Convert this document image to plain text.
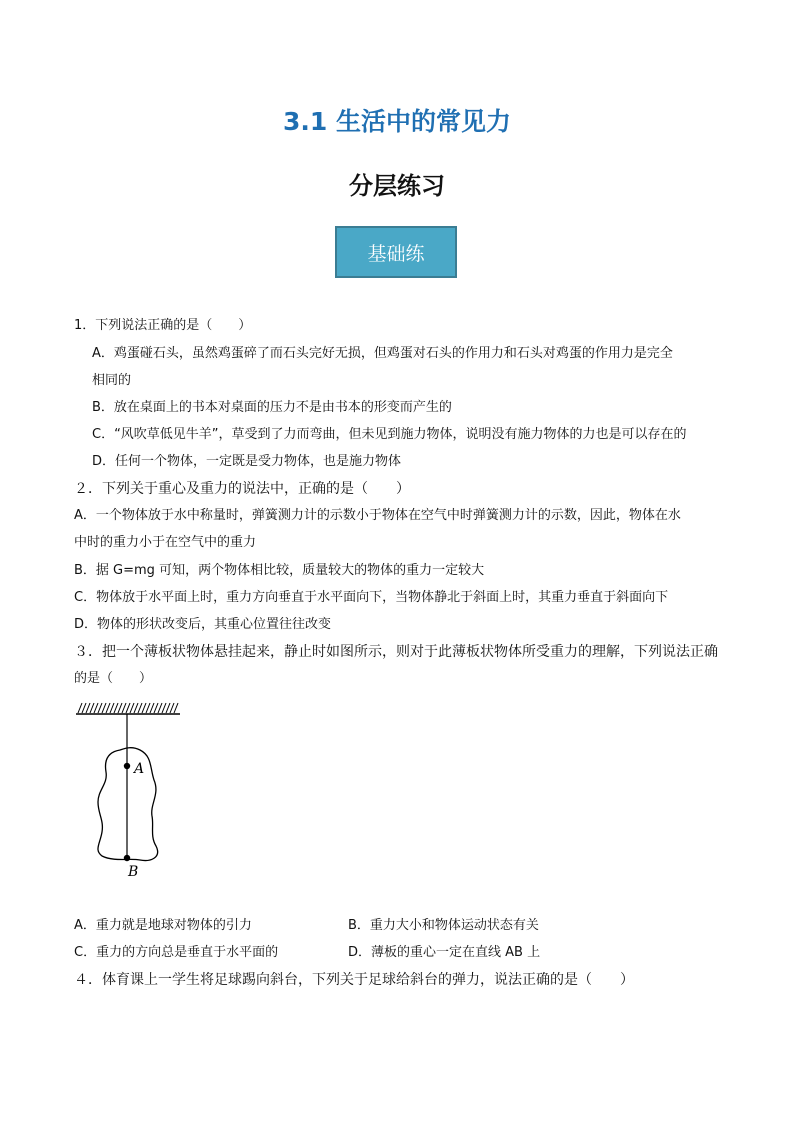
3.1 生活中的常见力
分层练习
基础练
1．下列说法正确的是（　　）
A．鸡蛋碰石头，虽然鸡蛋碎了而石头完好无损，但鸡蛋对石头的作用力和石头对鸡蛋的作用力是完全
相同的
B．放在桌面上的书本对桌面的压力不是由书本的形变而产生的
C．“风吹草低见牛羊”，草受到了力而弯曲，但未见到施力物体，说明没有施力物体的力也是可以存在的
D．任何一个物体，一定既是受力物体，也是施力物体
２．下列关于重心及重力的说法中，正确的是（　　）
A．一个物体放于水中称量时，弹簧测力计的示数小于物体在空气中时弹簧测力计的示数，因此，物体在水
中时的重力小于在空气中的重力
B．据 G=mg 可知，两个物体相比较，质量较大的物体的重力一定较大
C．物体放于水平面上时，重力方向垂直于水平面向下，当物体静北于斜面上时，其重力垂直于斜面向下
D．物体的形状改变后，其重心位置往往改变
３．把一个薄板状物体悬挂起来，静止时如图所示，则对于此薄板状物体所受重力的理解，下列说法正确
的是（　　）
A
B
A．重力就是地球对物体的引力	B．重力大小和物体运动状态有关
C．重力的方向总是垂直于水平面的	D．薄板的重心一定在直线 AB 上
４．体育课上一学生将足球踢向斜台，下列关于足球给斜台的弹力，说法正确的是（　　）
